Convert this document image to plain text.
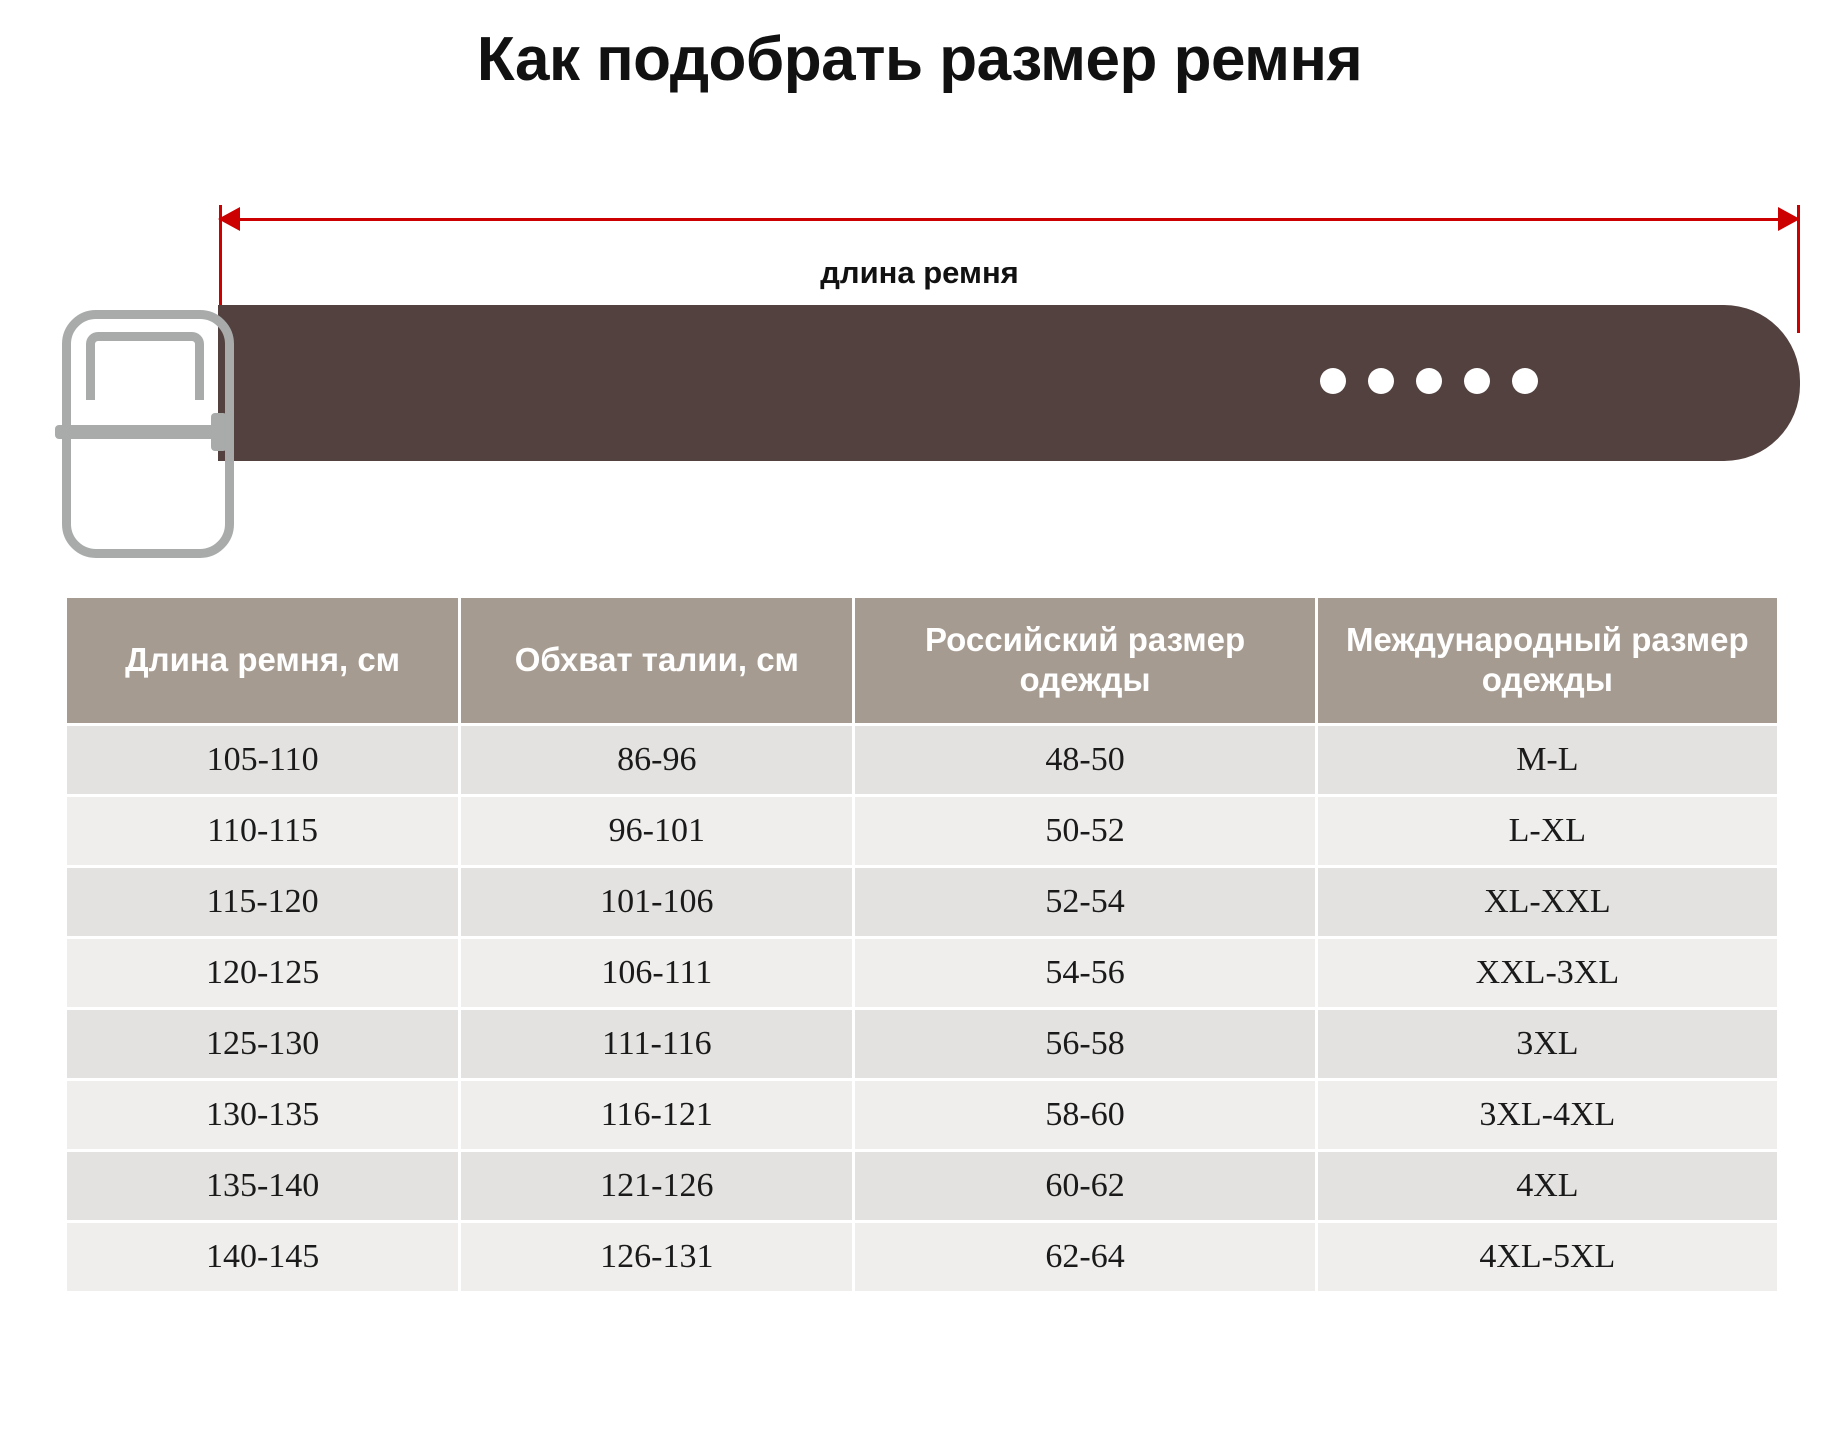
Как подобрать размер ремня
длина ремня
Длина ремня, см	Обхват талии, см	Российский размер одежды	Международный размер одежды
105-110	86-96	48-50	M-L
110-115	96-101	50-52	L-XL
115-120	101-106	52-54	XL-XXL
120-125	106-111	54-56	XXL-3XL
125-130	111-116	56-58	3XL
130-135	116-121	58-60	3XL-4XL
135-140	121-126	60-62	4XL
140-145	126-131	62-64	4XL-5XL
